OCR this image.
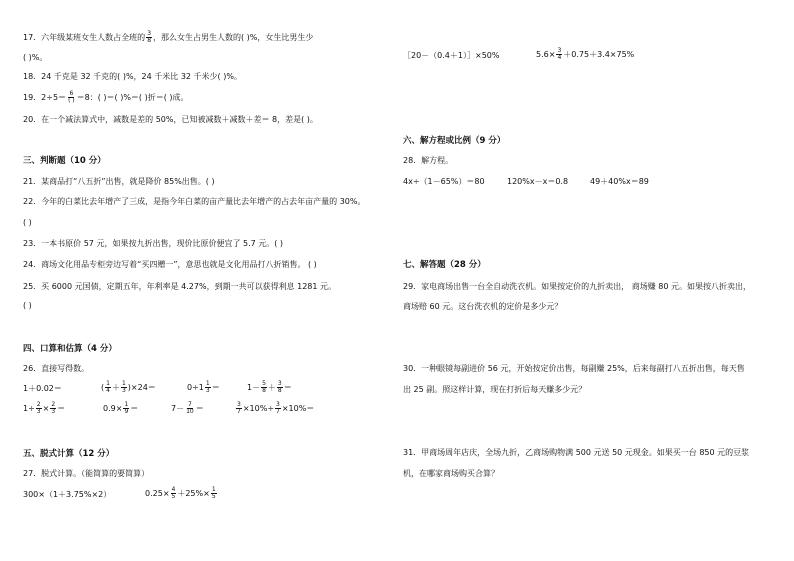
17．六年级某班女生人数占全班的 $\frac{3}{8}$ ，那么女生占男生人数的( )%，女生比男生少
( )%。
18．24 千克是 32 千克的( )%，24 千米比 32 千米少( )%。
19．$2\div 5= \frac{6}{( )} =8$：( )＝( )%＝( )折＝( )成。
20．在一个减法算式中，减数是差的 50%，已知被减数＋减数＋差＝ 8，差是( )。
三、判断题（10 分）
21．某商品打“八五折”出售，就是降价 85%出售。( )
22．今年的白菜比去年增产了三成，是指今年白菜的亩产量比去年增产的占去年亩产量的 30%。
( )
23．一本书原价 57 元，如果按九折出售，现价比原价便宜了 5.7 元。( )
24．商场文化用品专柜旁边写着“买四赠一”，意思也就是文化用品打八折销售。 ( )
25．买 6000 元国债，定期五年，年利率是 4.27%，到期一共可以获得利息 1281 元。
( )
四、口算和估算（4 分）
26．直接写得数。
1＋0.02＝	( $\frac{1}{4} + \frac{1}{3} )\times 24=$	$0\div 1 \frac{1}{3}$ ＝	$1- \frac{5}{8} + \frac{3}{8}$ ＝
$1\div \frac{2}{3} \times \frac{2}{3}$ ＝	$0.9\times \frac{1}{9}$ ＝	$7- \frac{7}{10}$ ＝	$\frac{3}{7} \times 10\%\div \frac{3}{7} \times 10\%=$
五、脱式计算（12 分）
27．脱式计算。（能简算的要简算）
300×（1＋3.75%×2）	$0.25\times \frac{4}{5} +25\%\times \frac{1}{5}$
［20－（0.4＋1）］×50%	$5.6\times \frac{3}{4} +0.75+3.4\times 75\%$
六、解方程或比例（9 分）
28．解方程。
4x÷（1－65%）＝80	120%x－x＝0.8	49＋40%x＝89
七、解答题（28 分）
29．家电商场出售一台全自动洗衣机。如果按定价的九折卖出， 商场赚 80 元。如果按八折卖出，
商场赔 60 元。这台洗衣机的定价是多少元？
30．一种眼镜每副进价 56 元，开始按定价出售，每副赚 25%，后来每副打八五折出售，每天售
出 25 副。照这样计算，现在打折后每天赚多少元？
31．甲商场周年店庆，全场九折，乙商场购物满 500 元送 50 元现金。如果买一台 850 元的豆浆
机，在哪家商场购买合算？
